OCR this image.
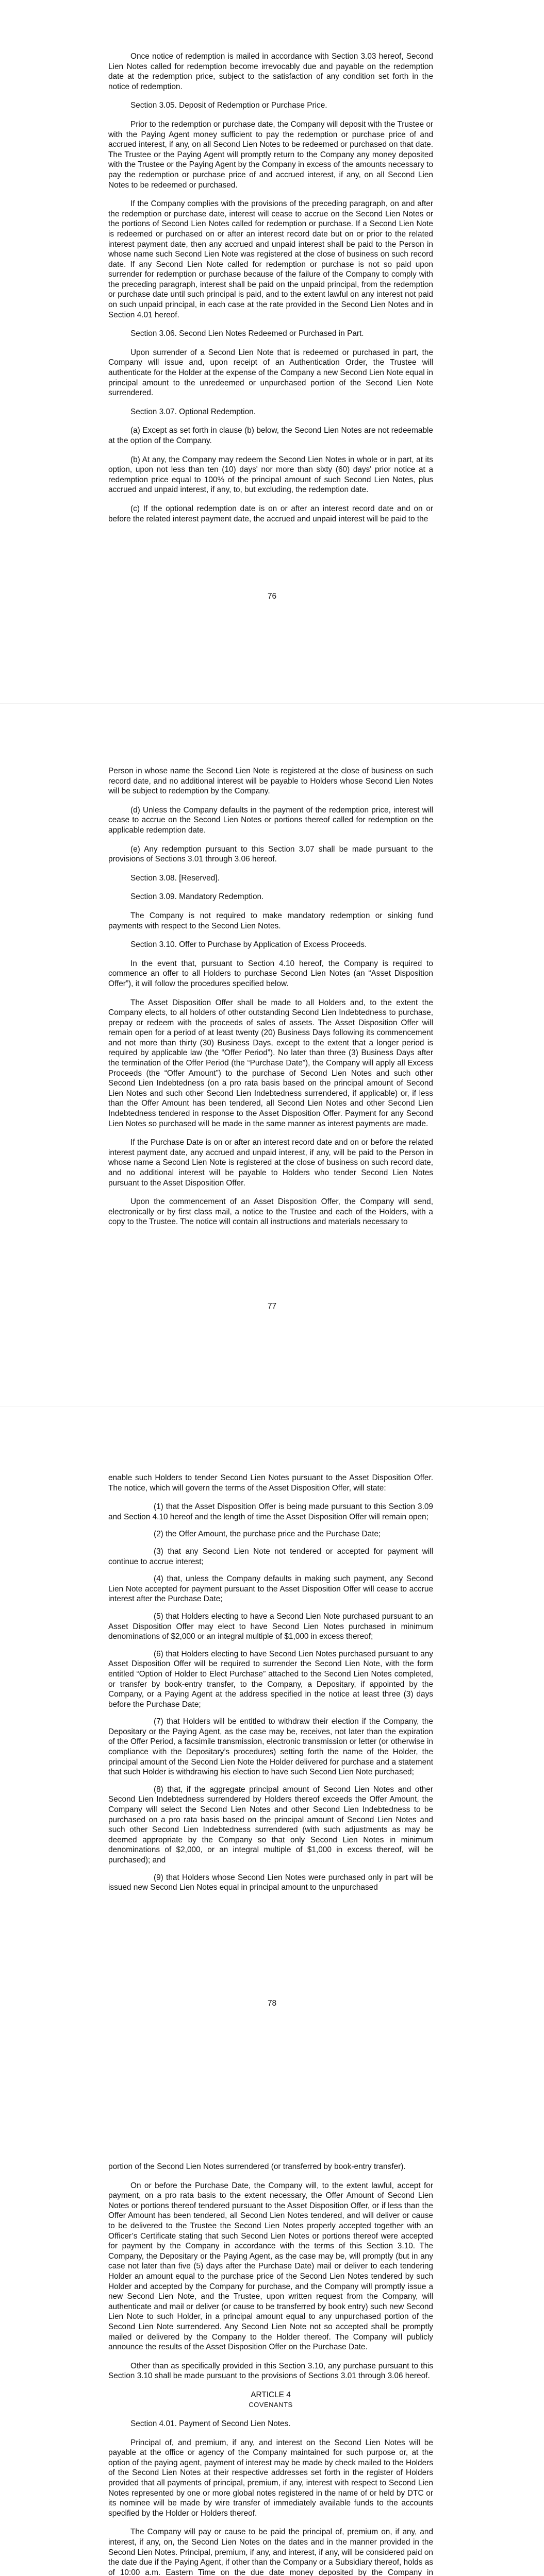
Once notice of redemption is mailed in accordance with Section 3.03 hereof, Second Lien Notes called for redemption become irrevocably due and payable on the redemption date at the redemption price, subject to the satisfaction of any condition set forth in the notice of redemption.

Section 3.05. Deposit of Redemption or Purchase Price.

Prior to the redemption or purchase date, the Company will deposit with the Trustee or with the Paying Agent money sufficient to pay the redemption or purchase price of and accrued interest, if any, on all Second Lien Notes to be redeemed or purchased on that date. The Trustee or the Paying Agent will promptly return to the Company any money deposited with the Trustee or the Paying Agent by the Company in excess of the amounts necessary to pay the redemption or purchase price of and accrued interest, if any, on all Second Lien Notes to be redeemed or purchased.

If the Company complies with the provisions of the preceding paragraph, on and after the redemption or purchase date, interest will cease to accrue on the Second Lien Notes or the portions of Second Lien Notes called for redemption or purchase. If a Second Lien Note is redeemed or purchased on or after an interest record date but on or prior to the related interest payment date, then any accrued and unpaid interest shall be paid to the Person in whose name such Second Lien Note was registered at the close of business on such record date. If any Second Lien Note called for redemption or purchase is not so paid upon surrender for redemption or purchase because of the failure of the Company to comply with the preceding paragraph, interest shall be paid on the unpaid principal, from the redemption or purchase date until such principal is paid, and to the extent lawful on any interest not paid on such unpaid principal, in each case at the rate provided in the Second Lien Notes and in Section 4.01 hereof.

Section 3.06. Second Lien Notes Redeemed or Purchased in Part.

Upon surrender of a Second Lien Note that is redeemed or purchased in part, the Company will issue and, upon receipt of an Authentication Order, the Trustee will authenticate for the Holder at the expense of the Company a new Second Lien Note equal in principal amount to the unredeemed or unpurchased portion of the Second Lien Note surrendered.

Section 3.07. Optional Redemption.

(a) Except as set forth in clause (b) below, the Second Lien Notes are not redeemable at the option of the Company.

(b) At any, the Company may redeem the Second Lien Notes in whole or in part, at its option, upon not less than ten (10) days' nor more than sixty (60) days' prior notice at a redemption price equal to 100% of the principal amount of such Second Lien Notes, plus accrued and unpaid interest, if any, to, but excluding, the redemption date.

(c) If the optional redemption date is on or after an interest record date and on or before the related interest payment date, the accrued and unpaid interest will be paid to the

76

Person in whose name the Second Lien Note is registered at the close of business on such record date, and no additional interest will be payable to Holders whose Second Lien Notes will be subject to redemption by the Company.

(d) Unless the Company defaults in the payment of the redemption price, interest will cease to accrue on the Second Lien Notes or portions thereof called for redemption on the applicable redemption date.

(e) Any redemption pursuant to this Section 3.07 shall be made pursuant to the provisions of Sections 3.01 through 3.06 hereof.

Section 3.08. [Reserved].

Section 3.09. Mandatory Redemption.

The Company is not required to make mandatory redemption or sinking fund payments with respect to the Second Lien Notes.

Section 3.10. Offer to Purchase by Application of Excess Proceeds.

In the event that, pursuant to Section 4.10 hereof, the Company is required to commence an offer to all Holders to purchase Second Lien Notes (an “Asset Disposition Offer”), it will follow the procedures specified below.

The Asset Disposition Offer shall be made to all Holders and, to the extent the Company elects, to all holders of other outstanding Second Lien Indebtedness to purchase, prepay or redeem with the proceeds of sales of assets. The Asset Disposition Offer will remain open for a period of at least twenty (20) Business Days following its commencement and not more than thirty (30) Business Days, except to the extent that a longer period is required by applicable law (the “Offer Period”). No later than three (3) Business Days after the termination of the Offer Period (the “Purchase Date”), the Company will apply all Excess Proceeds (the “Offer Amount”) to the purchase of Second Lien Notes and such other Second Lien Indebtedness (on a pro rata basis based on the principal amount of Second Lien Notes and such other Second Lien Indebtedness surrendered, if applicable) or, if less than the Offer Amount has been tendered, all Second Lien Notes and other Second Lien Indebtedness tendered in response to the Asset Disposition Offer. Payment for any Second Lien Notes so purchased will be made in the same manner as interest payments are made.

If the Purchase Date is on or after an interest record date and on or before the related interest payment date, any accrued and unpaid interest, if any, will be paid to the Person in whose name a Second Lien Note is registered at the close of business on such record date, and no additional interest will be payable to Holders who tender Second Lien Notes pursuant to the Asset Disposition Offer.

Upon the commencement of an Asset Disposition Offer, the Company will send, electronically or by first class mail, a notice to the Trustee and each of the Holders, with a copy to the Trustee. The notice will contain all instructions and materials necessary to

77

enable such Holders to tender Second Lien Notes pursuant to the Asset Disposition Offer. The notice, which will govern the terms of the Asset Disposition Offer, will state:

(1) that the Asset Disposition Offer is being made pursuant to this Section 3.09 and Section 4.10 hereof and the length of time the Asset Disposition Offer will remain open;

(2) the Offer Amount, the purchase price and the Purchase Date;

(3) that any Second Lien Note not tendered or accepted for payment will continue to accrue interest;

(4) that, unless the Company defaults in making such payment, any Second Lien Note accepted for payment pursuant to the Asset Disposition Offer will cease to accrue interest after the Purchase Date;

(5) that Holders electing to have a Second Lien Note purchased pursuant to an Asset Disposition Offer may elect to have Second Lien Notes purchased in minimum denominations of $2,000 or an integral multiple of $1,000 in excess thereof;

(6) that Holders electing to have Second Lien Notes purchased pursuant to any Asset Disposition Offer will be required to surrender the Second Lien Note, with the form entitled “Option of Holder to Elect Purchase” attached to the Second Lien Notes completed, or transfer by book-entry transfer, to the Company, a Depositary, if appointed by the Company, or a Paying Agent at the address specified in the notice at least three (3) days before the Purchase Date;

(7) that Holders will be entitled to withdraw their election if the Company, the Depositary or the Paying Agent, as the case may be, receives, not later than the expiration of the Offer Period, a facsimile transmission, electronic transmission or letter (or otherwise in compliance with the Depositary’s procedures) setting forth the name of the Holder, the principal amount of the Second Lien Note the Holder delivered for purchase and a statement that such Holder is withdrawing his election to have such Second Lien Note purchased;

(8) that, if the aggregate principal amount of Second Lien Notes and other Second Lien Indebtedness surrendered by Holders thereof exceeds the Offer Amount, the Company will select the Second Lien Notes and other Second Lien Indebtedness to be purchased on a pro rata basis based on the principal amount of Second Lien Notes and such other Second Lien Indebtedness surrendered (with such adjustments as may be deemed appropriate by the Company so that only Second Lien Notes in minimum denominations of $2,000, or an integral multiple of $1,000 in excess thereof, will be purchased); and

(9) that Holders whose Second Lien Notes were purchased only in part will be issued new Second Lien Notes equal in principal amount to the unpurchased

78

portion of the Second Lien Notes surrendered (or transferred by book-entry transfer).

On or before the Purchase Date, the Company will, to the extent lawful, accept for payment, on a pro rata basis to the extent necessary, the Offer Amount of Second Lien Notes or portions thereof tendered pursuant to the Asset Disposition Offer, or if less than the Offer Amount has been tendered, all Second Lien Notes tendered, and will deliver or cause to be delivered to the Trustee the Second Lien Notes properly accepted together with an Officer’s Certificate stating that such Second Lien Notes or portions thereof were accepted for payment by the Company in accordance with the terms of this Section 3.10. The Company, the Depositary or the Paying Agent, as the case may be, will promptly (but in any case not later than five (5) days after the Purchase Date) mail or deliver to each tendering Holder an amount equal to the purchase price of the Second Lien Notes tendered by such Holder and accepted by the Company for purchase, and the Company will promptly issue a new Second Lien Note, and the Trustee, upon written request from the Company, will authenticate and mail or deliver (or cause to be transferred by book entry) such new Second Lien Note to such Holder, in a principal amount equal to any unpurchased portion of the Second Lien Note surrendered. Any Second Lien Note not so accepted shall be promptly mailed or delivered by the Company to the Holder thereof. The Company will publicly announce the results of the Asset Disposition Offer on the Purchase Date.

Other than as specifically provided in this Section 3.10, any purchase pursuant to this Section 3.10 shall be made pursuant to the provisions of Sections 3.01 through 3.06 hereof.

ARTICLE 4

COVENANTS

Section 4.01. Payment of Second Lien Notes.

Principal of, and premium, if any, and interest on the Second Lien Notes will be payable at the office or agency of the Company maintained for such purpose or, at the option of the paying agent, payment of interest may be made by check mailed to the Holders of the Second Lien Notes at their respective addresses set forth in the register of Holders provided that all payments of principal, premium, if any, interest with respect to Second Lien Notes represented by one or more global notes registered in the name of or held by DTC or its nominee will be made by wire transfer of immediately available funds to the accounts specified by the Holder or Holders thereof.

The Company will pay or cause to be paid the principal of, premium on, if any, and interest, if any, on, the Second Lien Notes on the dates and in the manner provided in the Second Lien Notes. Principal, premium, if any, and interest, if any, will be considered paid on the date due if the Paying Agent, if other than the Company or a Subsidiary thereof, holds as of 10:00 a.m. Eastern Time on the due date money deposited by the Company in
